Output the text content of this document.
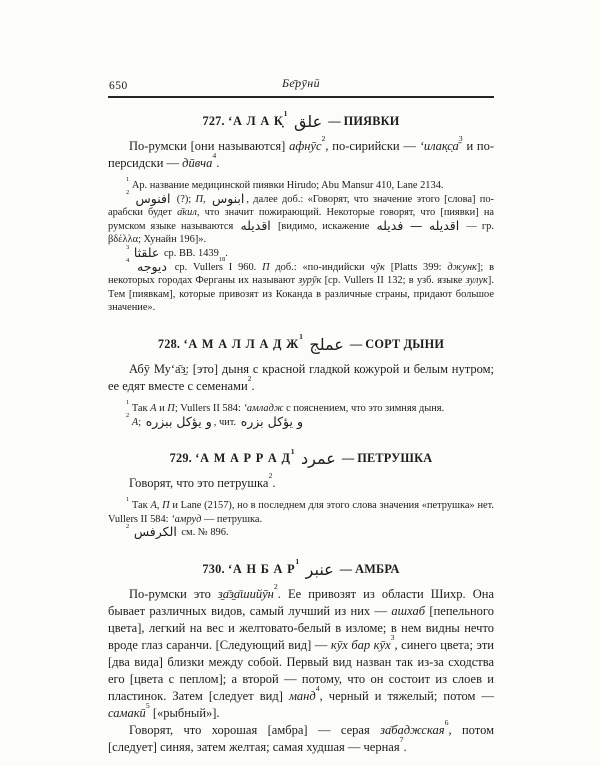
650	Бе̄рӯнӣ
727. ‘А Л А К̣$^1$ علق — ПИЯВКИ

По-румски [они называются] афнӯс$^2$, по-сирийски — ‘илак̣с̣а̄$^3$ и по-персидски — дӣвча$^4$.

$^1$ Ар. название медицинской пиявки Hirudo; Abu Mansur 410, Lane 2134.

$^2$ افنوس (?); П, ابنوس , далее доб.: «Говорят, что значение этого [слова] по-арабски будет а̄кил, что значит пожирающий. Некоторые говорят, что [пиявки] на румском языке называются اقديله [видимо, искажение اقديله — فديله — гр. βδέλλα; Хунайн 196]».

$^3$ علقثا ср. BB. $1439_{18}$.

$^4$ ديوجه ср. Vullers I 960. П доб.: «по-индийски чӯк [Platts 399: джунк]; в некоторых городах Ферганы их называют зурӯк [ср. Vullers II 132; в узб. языке зулук]. Тем [пиявкам], которые привозят из Коканда в различные страны, придают большое значение».

728. ‘А М А Л Л А Д $Ж^1$ عملج — СОРТ ДЫНИ

Абӯ Му‘а̄з̱: [это] дыня с красной гладкой кожурой и белым нутром; ее едят вместе с семенами$^2$.

$^1$ Так А и П; Vullers II 584: ‘амладж с пояснением, что это зимняя дыня.

$^2$ А; و يؤكل ببزره , чит. و يؤكل بزره

729. ‘А М А Р Р А $Д^1$ عمرد — ПЕТРУШКА

Говорят, что это петрушка$^2$.

$^1$ Так А, П и Lane (2157), но в последнем для этого слова значения «петрушка» нет. Vullers II 584: ‘амруд — петрушка.

$^2$ الكرفس см. № 896.

730. ‘А Н Б А $Р^1$ عنبر — АМБРА

По-румски это з̱а̄з̱а̄шийӯн$^2$. Ее привозят из области Шихр. Она бывает различных видов, самый лучший из них — ашхаб [пепельного цвета], легкий на вес и желтовато-белый в изломе; в нем видны нечто вроде глаз саранчи. [Следующий вид] — кӯх бар кӯх$^3$, синего цвета; эти [два вида] близки между собой. Первый вид назван так из-за сходства его [цвета с пеплом]; а второй — потому, что он состоит из слоев и пластинок. Затем [следует вид] манд$^4$, черный и тяжелый; потом — самакӣ$^5$ [«рыбный»].

Говорят, что хорошая [амбра] — серая за̄баджская$^6$, потом [следует] синяя, затем желтая; самая худшая — черная$^7$.
